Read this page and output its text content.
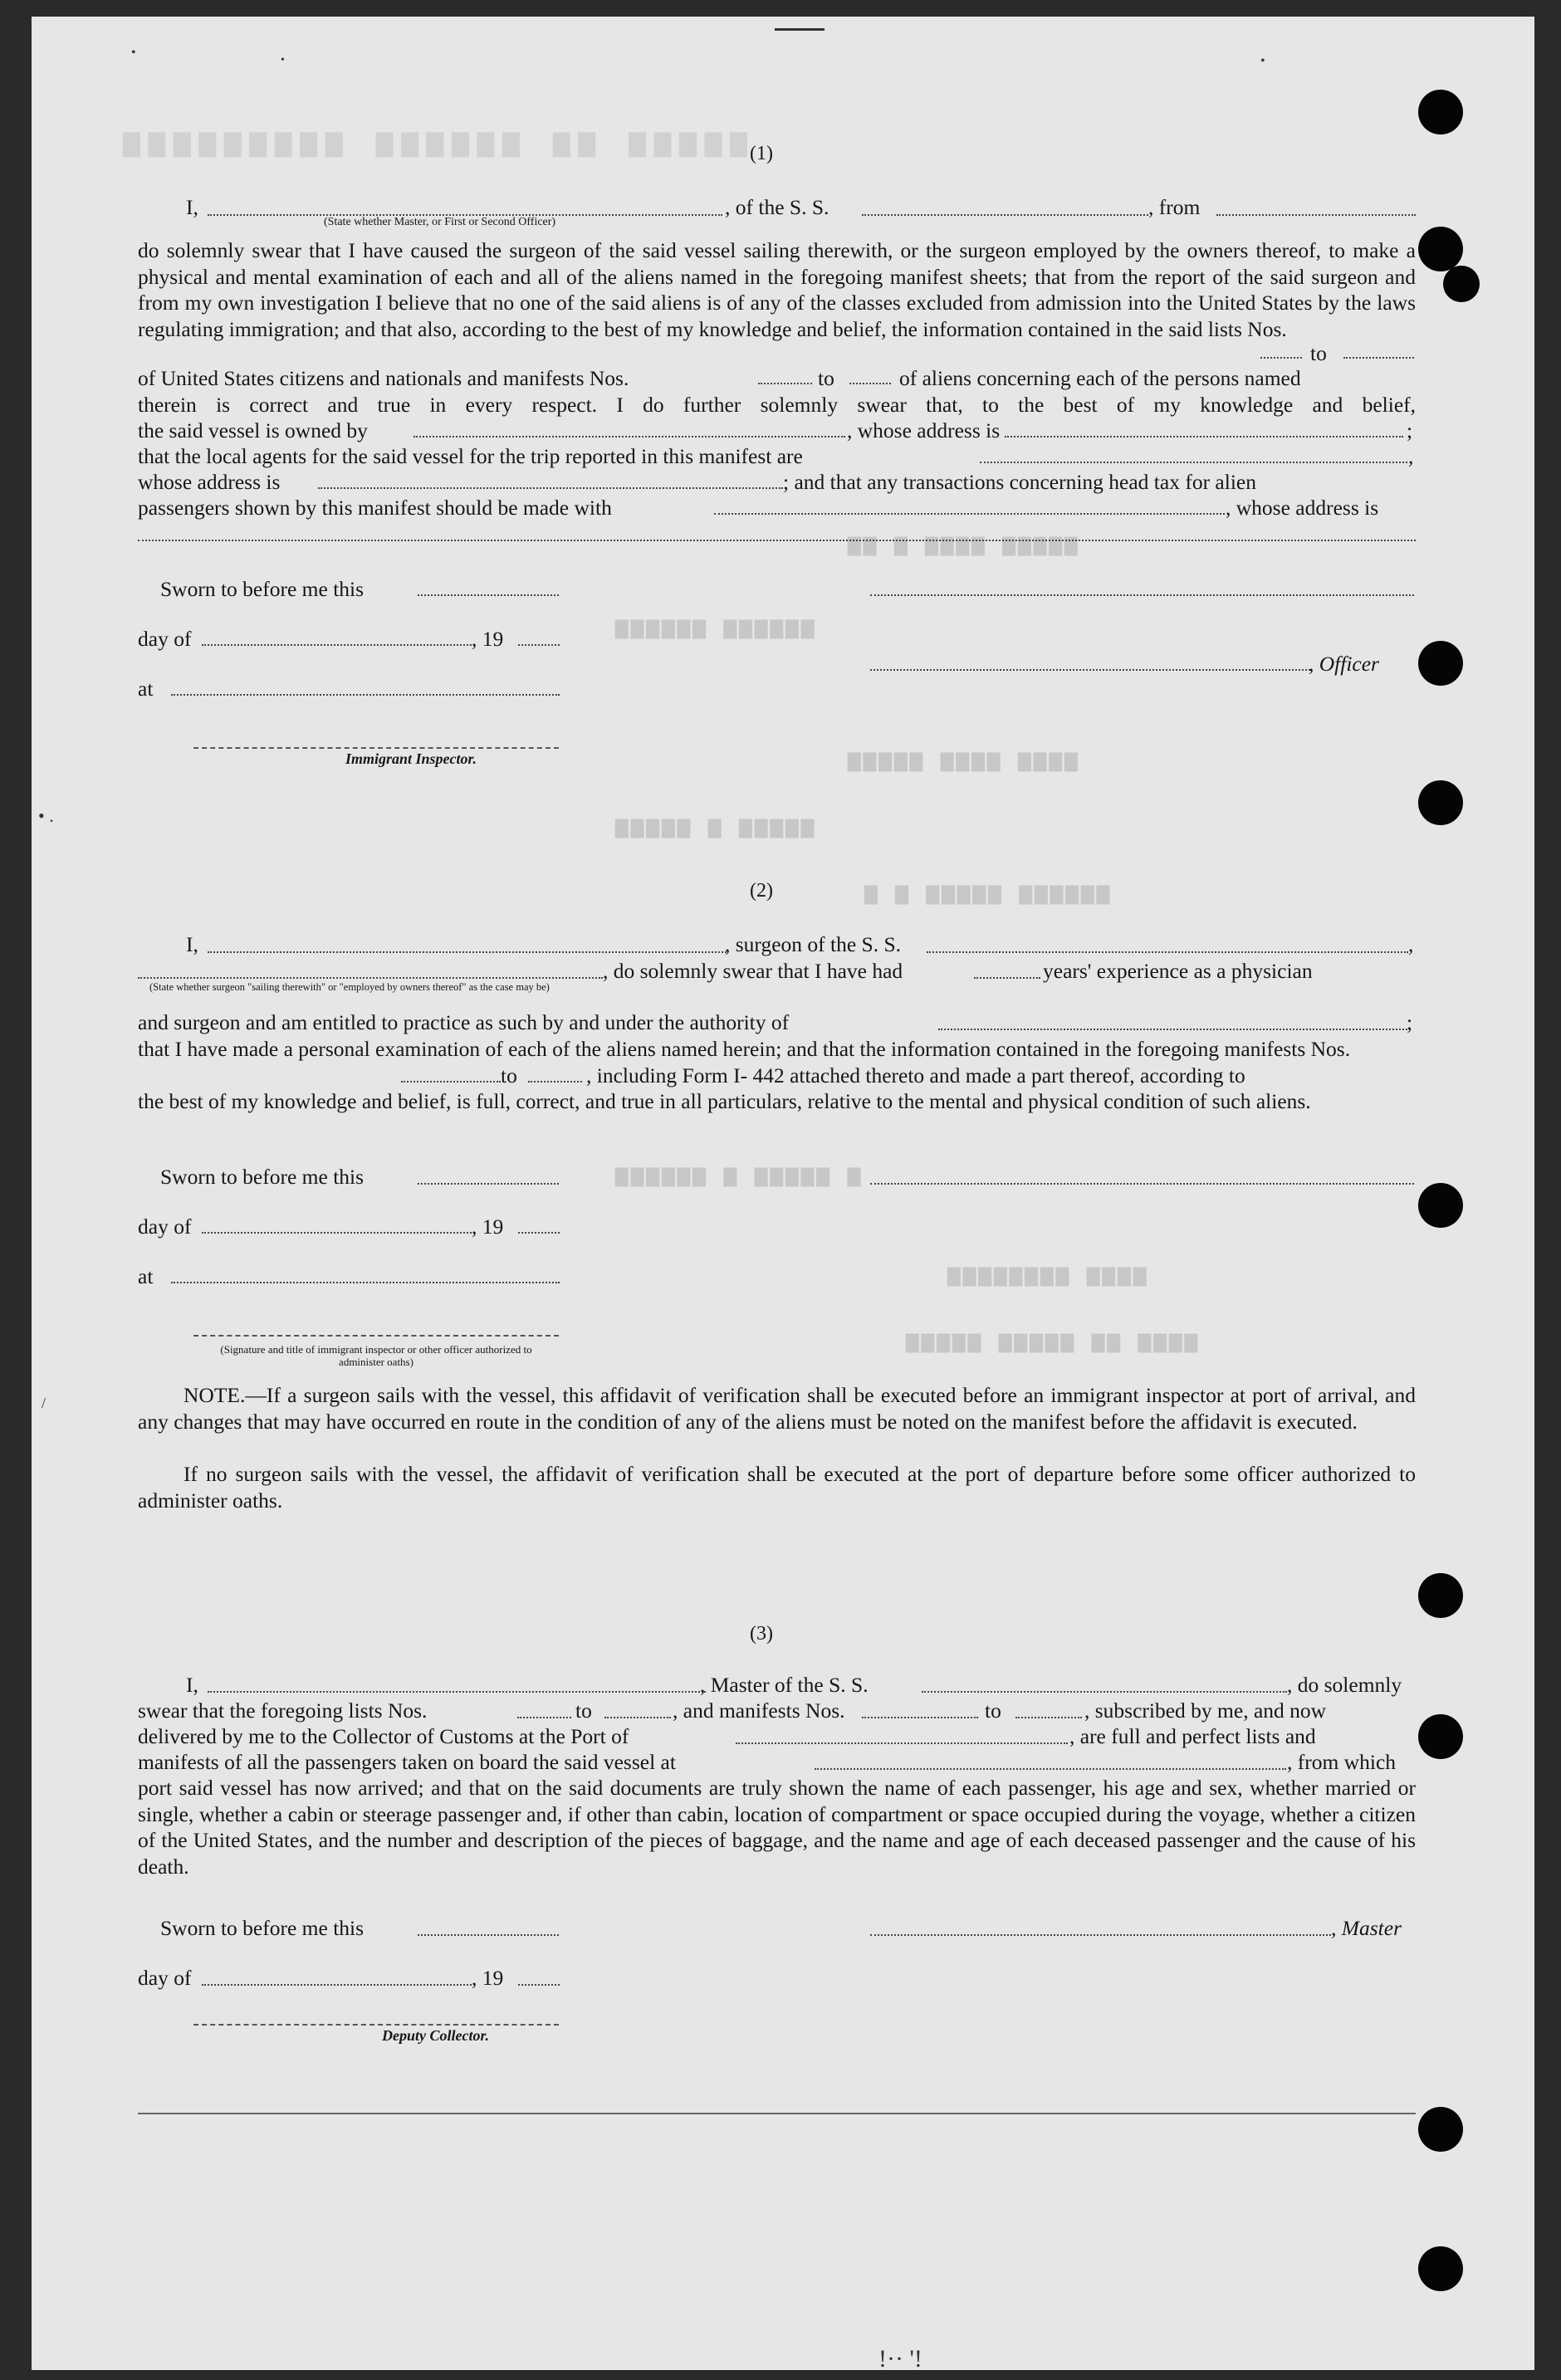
▆▆▆▆▆ ▆▆ ▆▆▆▆▆▆ ▆▆▆▆▆▆▆▆▆
▆▆▆▆▆ ▆▆▆▆ ▆ ▆▆
▆▆▆▆▆▆ ▆▆▆▆▆▆
▆▆▆▆ ▆▆▆▆ ▆▆▆▆▆
▆▆▆▆▆ ▆ ▆▆▆▆▆
▆▆▆▆▆▆ ▆▆▆▆▆ ▆ ▆
▆ ▆▆▆▆▆ ▆ ▆▆▆▆▆▆
▆▆▆▆ ▆▆▆▆▆▆▆▆
▆▆▆▆ ▆▆ ▆▆▆▆▆ ▆▆▆▆▆
•
•	•
• .
/
!·· '!
(1)
I,	, of the S. S.	, from
(State whether Master, or First or Second Officer)
do solemnly swear that I have caused the surgeon of the said vessel sailing therewith, or the surgeon employed by the owners thereof, to make a physical and mental examination of each and all of the aliens named in the foregoing manifest sheets; that from the report of the said surgeon and from my own investigation I believe that no one of the said aliens is of any of the classes excluded from admission into the United States by the laws regulating immigration; and that also, according to the best of my knowledge and belief, the information contained in the said lists Nos.
to
of United States citizens and nationals and manifests Nos.	to	of aliens concerning each of the persons named
therein is correct and true in every respect. I do further solemnly swear that, to the best of my knowledge and belief,
the said vessel is owned by	, whose address is	;
that the local agents for the said vessel for the trip reported in this manifest are	,
whose address is	; and that any transactions concerning head tax for alien
passengers shown by this manifest should be made with	, whose address is
Sworn to before me this
day of	, 19
, Officer
at
Immigrant Inspector.
(2)
I,	, surgeon of the S. S.	,
, do solemnly swear that I have had	years' experience as a physician
(State whether surgeon "sailing therewith" or "employed by owners thereof" as the case may be)
and surgeon and am entitled to practice as such by and under the authority of	;
that I have made a personal examination of each of the aliens named herein; and that the information contained in the foregoing manifests Nos.
to	, including Form I- 442 attached thereto and made a part thereof, according to
the best of my knowledge and belief, is full, correct, and true in all particulars, relative to the mental and physical condition of such aliens.
Sworn to before me this
day of	, 19
at
(Signature and title of immigrant inspector or other officer authorized to administer oaths)
NOTE.—If a surgeon sails with the vessel, this affidavit of verification shall be executed before an immigrant inspector at port of arrival, and any changes that may have occurred en route in the condition of any of the aliens must be noted on the manifest before the affidavit is executed.
If no surgeon sails with the vessel, the affidavit of verification shall be executed at the port of departure before some officer authorized to administer oaths.
(3)
I,	, Master of the S. S.	, do solemnly
swear that the foregoing lists Nos.	to	, and manifests Nos.	to	, subscribed by me, and now
delivered by me to the Collector of Customs at the Port of	, are full and perfect lists and
manifests of all the passengers taken on board the said vessel at	, from which
port said vessel has now arrived; and that on the said documents are truly shown the name of each passenger, his age and sex, whether married or single, whether a cabin or steerage passenger and, if other than cabin, location of compartment or space occupied during the voyage, whether a citizen of the United States, and the number and description of the pieces of baggage, and the name and age of each deceased passenger and the cause of his death.
Sworn to before me this	, Master
day of	, 19
Deputy Collector.
